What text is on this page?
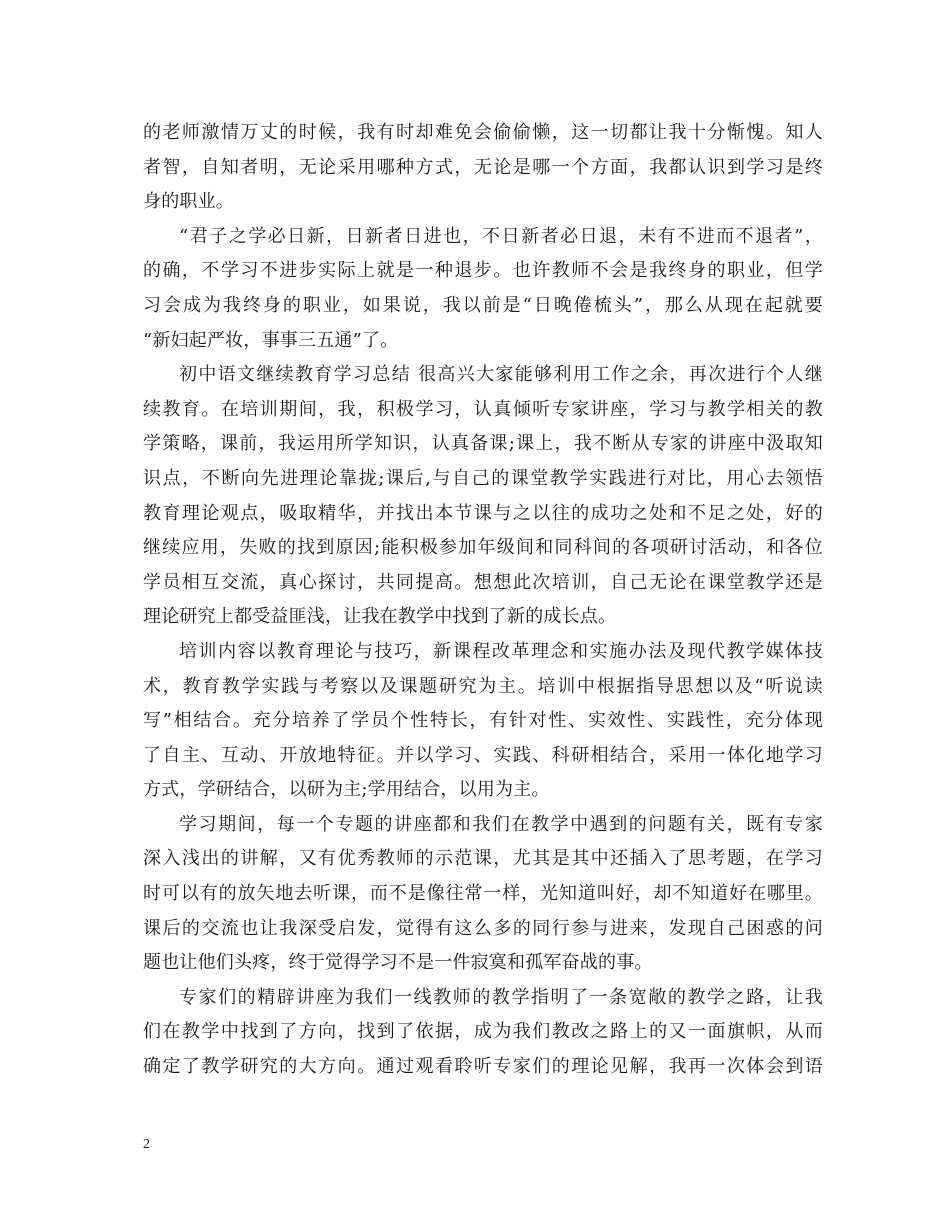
的老师激情万丈的时候，我有时却难免会偷偷懒，这一切都让我十分惭愧。知人
者智，自知者明，无论采用哪种方式，无论是哪一个方面，我都认识到学习是终
身的职业。
“君子之学必日新，日新者日进也，不日新者必日退，未有不进而不退者”，
的确，不学习不进步实际上就是一种退步。也许教师不会是我终身的职业，但学
习会成为我终身的职业，如果说，我以前是“日晚倦梳头”，那么从现在起就要
“新妇起严妆，事事三五通”了。
初中语文继续教育学习总结 很高兴大家能够利用工作之余，再次进行个人继
续教育。在培训期间，我，积极学习，认真倾听专家讲座，学习与教学相关的教
学策略，课前，我运用所学知识，认真备课;课上，我不断从专家的讲座中汲取知
识点，不断向先进理论靠拢;课后,与自己的课堂教学实践进行对比，用心去领悟
教育理论观点，吸取精华，并找出本节课与之以往的成功之处和不足之处，好的
继续应用，失败的找到原因;能积极参加年级间和同科间的各项研讨活动，和各位
学员相互交流，真心探讨，共同提高。想想此次培训，自己无论在课堂教学还是
理论研究上都受益匪浅，让我在教学中找到了新的成长点。
培训内容以教育理论与技巧，新课程改革理念和实施办法及现代教学媒体技
术，教育教学实践与考察以及课题研究为主。培训中根据指导思想以及“听说读
写”相结合。充分培养了学员个性特长，有针对性、实效性、实践性，充分体现
了自主、互动、开放地特征。并以学习、实践、科研相结合，采用一体化地学习
方式，学研结合，以研为主;学用结合，以用为主。
学习期间，每一个专题的讲座都和我们在教学中遇到的问题有关，既有专家
深入浅出的讲解，又有优秀教师的示范课，尤其是其中还插入了思考题，在学习
时可以有的放矢地去听课，而不是像往常一样，光知道叫好，却不知道好在哪里。
课后的交流也让我深受启发，觉得有这么多的同行参与进来，发现自己困惑的问
题也让他们头疼，终于觉得学习不是一件寂寞和孤军奋战的事。
专家们的精辟讲座为我们一线教师的教学指明了一条宽敞的教学之路，让我
们在教学中找到了方向，找到了依据，成为我们教改之路上的又一面旗帜，从而
确定了教学研究的大方向。通过观看聆听专家们的理论见解，我再一次体会到语
2
